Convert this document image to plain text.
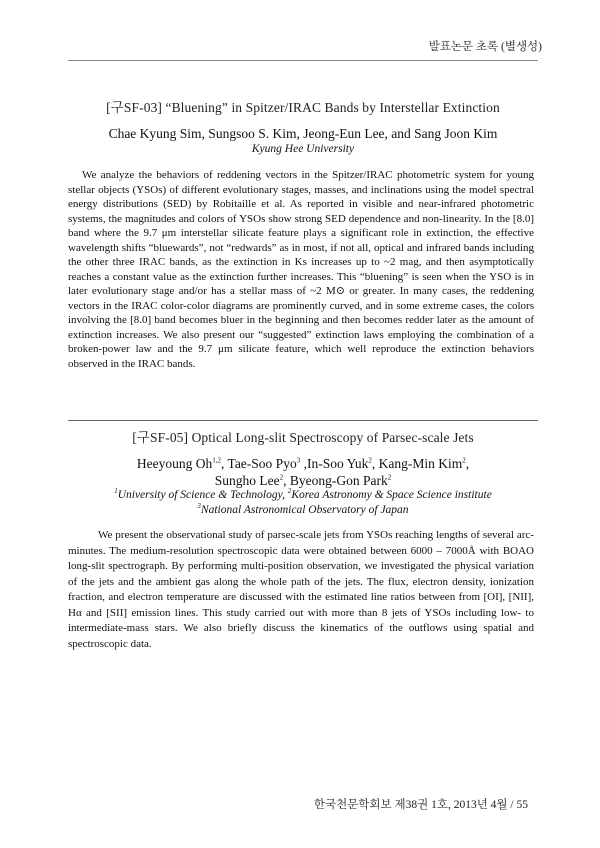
발표논문 초록 (별생성)
[구SF-03] “Bluening” in Spitzer/IRAC Bands by Interstellar Extinction
Chae Kyung Sim, Sungsoo S. Kim, Jeong-Eun Lee, and Sang Joon Kim
Kyung Hee University

We analyze the behaviors of reddening vectors in the Spitzer/IRAC photometric system for young stellar objects (YSOs) of different evolutionary stages, masses, and inclinations using the model spectral energy distributions (SED) by Robitaille et al. As reported in visible and near-infrared photometric systems, the magnitudes and colors of YSOs show strong SED dependence and non-linearity. In the [8.0] band where the 9.7 μm interstellar silicate feature plays a significant role in extinction, the effective wavelength shifts “bluewards”, not “redwards” as in most, if not all, optical and infrared bands including the other three IRAC bands, as the extinction in Ks increases up to ~2 mag, and then asymptotically reaches a constant value as the extinction further increases. This “bluening” is seen when the YSO is in later evolutionary stage and/or has a stellar mass of ~2 M⊙ or greater. In many cases, the reddening vectors in the IRAC color-color diagrams are prominently curved, and in some extreme cases, the colors involving the [8.0] band becomes bluer in the beginning and then becomes redder later as the amount of extinction increases. We also present our “suggested” extinction laws employing the combination of a broken-power law and the 9.7 μm silicate feature, which well reproduce the extinction behaviors observed in the IRAC bands.

[구SF-05] Optical Long-slit Spectroscopy of Parsec-scale Jets
Heeyoung Oh$^{1,2}$, Tae-Soo Pyo$^3$ ,In-Soo Yuk$^2$, Kang-Min Kim$^2$,
Sungho Lee$^2$, Byeong-Gon Park$^2$
$^1$University of Science & Technology, $^2$Korea Astronomy & Space Science institute
$^3$National Astronomical Observatory of Japan

We present the observational study of parsec-scale jets from YSOs reaching lengths of several arc-minutes. The medium-resolution spectroscopic data were obtained between 6000 – 7000Å with BOAO long-slit spectrograph. By performing multi-position observation, we investigated the physical variation of the jets and the ambient gas along the whole path of the jets. The flux, electron density, ionization fraction, and electron temperature are discussed with the estimated line ratios between from [OI], [NII], Hα and [SII] emission lines. This study carried out with more than 8 jets of YSOs including low- to intermediate-mass stars. We also briefly discuss the kinematics of the outflows using spatial and spectroscopic data.

한국천문학회보 제38권 1호, 2013년 4월 / 55
